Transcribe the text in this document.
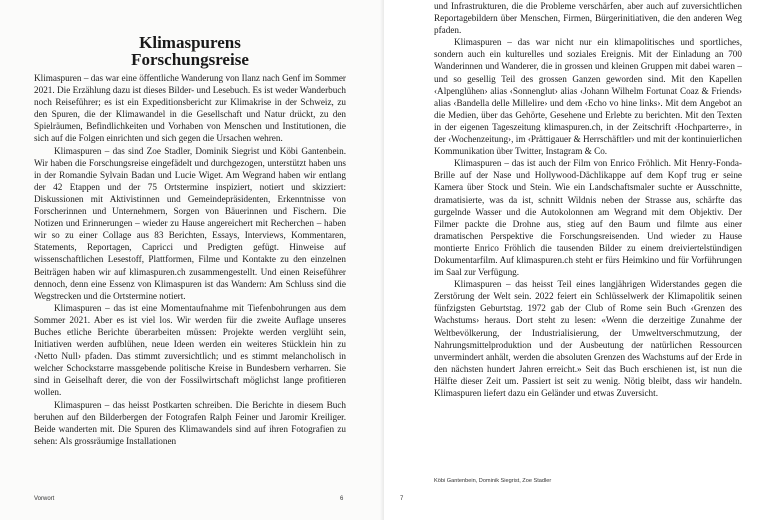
Klimaspurens
Forschungsreise

Klimaspuren – das war eine öffentliche Wanderung von Ilanz nach Genf im Sommer 2021. Die Erzählung dazu ist dieses Bilder- und Lesebuch. Es ist weder Wanderbuch noch Reiseführer; es ist ein Expeditionsbericht zur Klimakrise in der Schweiz, zu den Spuren, die der Klimawandel in die Gesellschaft und Natur drückt, zu den Spielräumen, Befindlichkeiten und Vorhaben von Menschen und Institutionen, die sich auf die Folgen einrichten und sich gegen die Ursachen wehren.

Klimaspuren – das sind Zoe Stadler, Dominik Siegrist und Köbi Gantenbein. Wir haben die Forschungsreise eingefädelt und durchgezogen, unterstützt haben uns in der Romandie Sylvain Badan und Lucie Wiget. Am Wegrand haben wir entlang der 42 Etappen und der 75 Ortstermine inspiziert, notiert und skizziert: Diskussionen mit Aktivistinnen und Gemeindepräsidenten, Erkenntnisse von Forscherinnen und Unternehmern, Sorgen von Bäuerinnen und Fischern. Die Notizen und Erinnerungen – wieder zu Hause angereichert mit Recherchen – haben wir so zu einer Collage aus 83 Berichten, Essays, Interviews, Kommentaren, Statements, Reportagen, Capricci und Predigten gefügt. Hinweise auf wissenschaftlichen Lesestoff, Plattformen, Filme und Kontakte zu den einzelnen Beiträgen haben wir auf klimaspuren.ch zusammengestellt. Und einen Reiseführer dennoch, denn eine Essenz von Klimaspuren ist das Wandern: Am Schluss sind die Wegstrecken und die Ortstermine notiert.

Klimaspuren – das ist eine Momentaufnahme mit Tiefenbohrungen aus dem Sommer 2021. Aber es ist viel los. Wir werden für die zweite Auflage unseres Buches etliche Berichte überarbeiten müssen: Projekte werden verglüht sein, Initiativen werden aufblühen, neue Ideen werden ein weiteres Stücklein hin zu ‹Netto Null› pfaden. Das stimmt zuversichtlich; und es stimmt melancholisch in welcher Schockstarre massgebende politische Kreise in Bundesbern verharren. Sie sind in Geiselhaft derer, die von der Fossilwirtschaft möglichst lange profitieren wollen.

Klimaspuren – das heisst Postkarten schreiben. Die Berichte in diesem Buch beruhen auf den Bilderbergen der Fotografen Ralph Feiner und Jaromir Kreiliger. Beide wanderten mit. Die Spuren des Klimawandels sind auf ihren Fotografien zu sehen: Als grossräumige Installationen

Vorwort	6

und Infrastrukturen, die die Probleme verschärfen, aber auch auf zuversichtlichen Reportagebildern über Menschen, Firmen, Bürgerinitiativen, die den anderen Weg pfaden.

Klimaspuren – das war nicht nur ein klimapolitisches und sportliches, sondern auch ein kulturelles und soziales Ereignis. Mit der Einladung an 700 Wanderinnen und Wanderer, die in grossen und kleinen Gruppen mit dabei waren – und so gesellig Teil des grossen Ganzen geworden sind. Mit den Kapellen ‹Alpenglühen› alias ‹Sonnenglut› alias ‹Johann Wilhelm Fortunat Coaz & Friends› alias ‹Bandella delle Millelire› und dem ‹Echo vo hine links›. Mit dem Angebot an die Medien, über das Gehörte, Gesehene und Erlebte zu berichten. Mit den Texten in der eigenen Tageszeitung klimaspuren.ch, in der Zeitschrift ‹Hochparterre›, in der ‹Wochenzeitung›, im ‹Prättigauer & Herrschäftler› und mit der kontinuierlichen Kommunikation über Twitter, Instagram & Co.

Klimaspuren – das ist auch der Film von Enrico Fröhlich. Mit Henry-Fonda-Brille auf der Nase und Hollywood-Dächlikappe auf dem Kopf trug er seine Kamera über Stock und Stein. Wie ein Landschaftsmaler suchte er Ausschnitte, dramatisierte, was da ist, schnitt Wildnis neben der Strasse aus, schärfte das gurgelnde Wasser und die Autokolonnen am Wegrand mit dem Objektiv. Der Filmer packte die Drohne aus, stieg auf den Baum und filmte aus einer dramatischen Perspektive die Forschungsreisenden. Und wieder zu Hause montierte Enrico Fröhlich die tausenden Bilder zu einem dreiviertelstündigen Dokumentarfilm. Auf klimaspuren.ch steht er fürs Heimkino und für Vorführungen im Saal zur Verfügung.

Klimaspuren – das heisst Teil eines langjährigen Widerstandes gegen die Zerstörung der Welt sein. 2022 feiert ein Schlüsselwerk der Klimapolitik seinen fünfzigsten Geburtstag. 1972 gab der Club of Rome sein Buch ‹Grenzen des Wachstums› heraus. Dort steht zu lesen: «Wenn die derzeitige Zunahme der Weltbevölkerung, der Industrialisierung, der Umweltverschmutzung, der Nahrungsmittelproduktion und der Ausbeutung der natürlichen Ressourcen unvermindert anhält, werden die absoluten Grenzen des Wachstums auf der Erde in den nächsten hundert Jahren erreicht.» Seit das Buch erschienen ist, ist nun die Hälfte dieser Zeit um. Passiert ist seit zu wenig. Nötig bleibt, dass wir handeln. Klimaspuren liefert dazu ein Geländer und etwas Zuversicht.

Köbi Gantenbein, Dominik Siegrist, Zoe Stadler
7
